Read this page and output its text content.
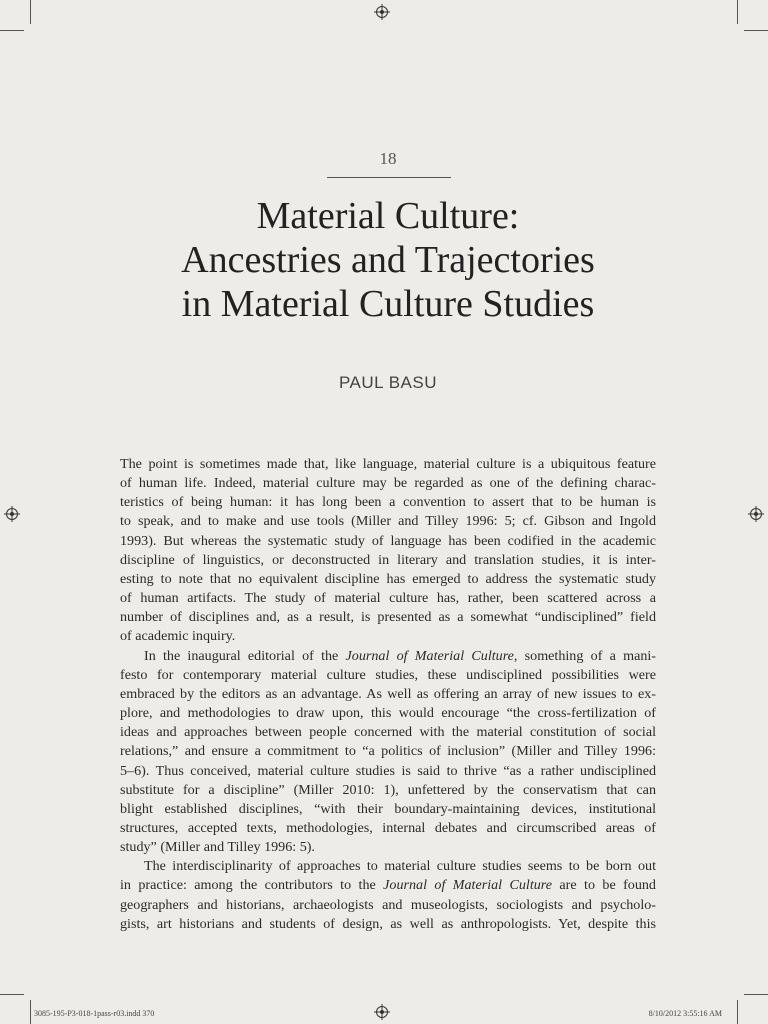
18
Material Culture:
Ancestries and Trajectories
in Material Culture Studies
PAUL BASU
The point is sometimes made that, like language, material culture is a ubiquitous feature
of human life. Indeed, material culture may be regarded as one of the defining charac-
teristics of being human: it has long been a convention to assert that to be human is
to speak, and to make and use tools (Miller and Tilley 1996: 5; cf. Gibson and Ingold
1993). But whereas the systematic study of language has been codified in the academic
discipline of linguistics, or deconstructed in literary and translation studies, it is inter-
esting to note that no equivalent discipline has emerged to address the systematic study
of human artifacts. The study of material culture has, rather, been scattered across a
number of disciplines and, as a result, is presented as a somewhat “undisciplined” field
of academic inquiry.
In the inaugural editorial of the Journal of Material Culture, something of a mani-
festo for contemporary material culture studies, these undisciplined possibilities were
embraced by the editors as an advantage. As well as offering an array of new issues to ex-
plore, and methodologies to draw upon, this would encourage “the cross-fertilization of
ideas and approaches between people concerned with the material constitution of social
relations,” and ensure a commitment to “a politics of inclusion” (Miller and Tilley 1996:
5–6). Thus conceived, material culture studies is said to thrive “as a rather undisciplined
substitute for a discipline” (Miller 2010: 1), unfettered by the conservatism that can
blight established disciplines, “with their boundary-maintaining devices, institutional
structures, accepted texts, methodologies, internal debates and circumscribed areas of
study” (Miller and Tilley 1996: 5).
The interdisciplinarity of approaches to material culture studies seems to be born out
in practice: among the contributors to the Journal of Material Culture are to be found
geographers and historians, archaeologists and museologists, sociologists and psycholo-
gists, art historians and students of design, as well as anthropologists. Yet, despite this
3085-195-P3-018-1pass-r03.indd 370	8/10/2012 3:55:16 AM
